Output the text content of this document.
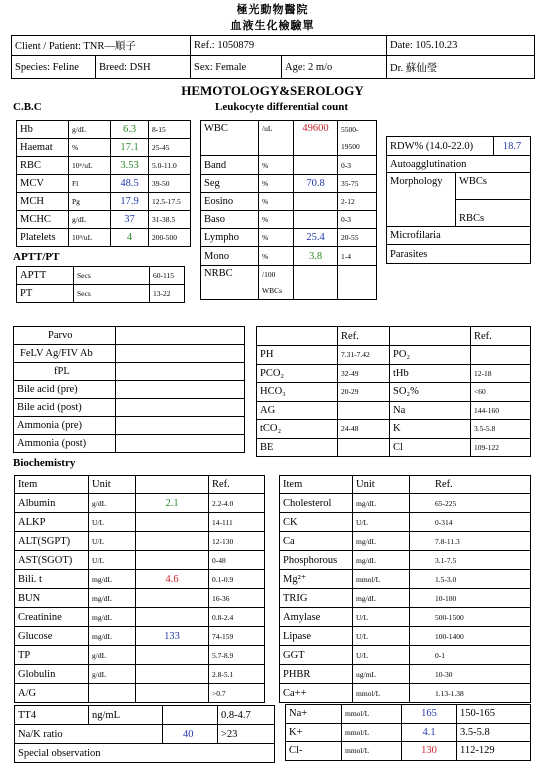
極光動物醫院
血液生化檢驗單
Client / Patient: TNR—順子		Ref.: 1050879		Date: 105.10.23
Species: Feline	Breed: DSH	Sex: Female	Age: 2 m/o	Dr. 蘇仙瑩
HEMOTOLOGY&SEROLOGY
C.B.C	Leukocyte differential count
Hb	g/dL	6.3	8-15
Haemat	%	17.1	25-45
RBC	10⁶/uL	3.53	5.0-11.0
MCV	Fl	48.5	39-50
MCH	Pg	17.9	12.5-17.5
MCHC	g/dL	37	31-38.5
Platelets	10³/uL	4	200-500
WBC	/uL	49600	5500-
19500

Band	%		0-3
Seg	%	70.8	35-75
Eosino	%		2-12
Baso	%		0-3
Lympho	%	25.4	20-55
Mono	%	3.8	1-4
NRBC	/100
WBCs		

RDW% (14.0-22.0)		18.7
Autoagglutination		
Morphology	WBCs	
	RBCs	
Microfilaria		
Parasites		
APTT/PT
APTT	Secs	60-115
PT	Secs	13-22
Parvo	
FeLV Ag/FIV Ab	
fPL	
Bile acid (pre)	
Bile acid (post)	
Ammonia (pre)	
Ammonia (post)	
	Ref.		Ref.
PH	7.31-7.42	PO₂	
PCO₂	32-49	tHb	12-18
HCO₃	20-29	SO₂%	<60
AG		Na	144-160
tCO₂	24-48	K	3.5-5.8
BE		Cl	109-122
Biochemistry
Item	Unit		Ref.
Albumin	g/dL	2.1	2.2-4.0
ALKP	U/L		14-111
ALT(SGPT)	U/L		12-130
AST(SGOT)	U/L		0-48
Bili. t	mg/dL	4.6	0.1-0.9
BUN	mg/dL		16-36
Creatinine	mg/dL		0.8-2.4
Glucose	mg/dL	133	74-159
TP	g/dL		5.7-8.9
Globulin	g/dL		2.8-5.1
A/G			>0.7
Item	Unit	Ref.
Cholesterol	mg/dL	65-225
CK	U/L	0-314
Ca	mg/dL	7.8-11.3
Phosphorous	mg/dL	3.1-7.5
Mg²⁺	mmol/L	1.5-3.0
TRIG	mg/dL	10-100
Amylase	U/L	500-1500
Lipase	U/L	100-1400
GGT	U/L	0-1
PHBR	ug/mL	10-30
Ca++	mmol/L	1.13-1.38
TT4	ng/mL		0.8-4.7
Na/K ratio		40	>23
Special observation			
Na+	mmol/L	165	150-165
K+	mmol/L	4.1	3.5-5.8
Cl-	mmol/L	130	112-129
